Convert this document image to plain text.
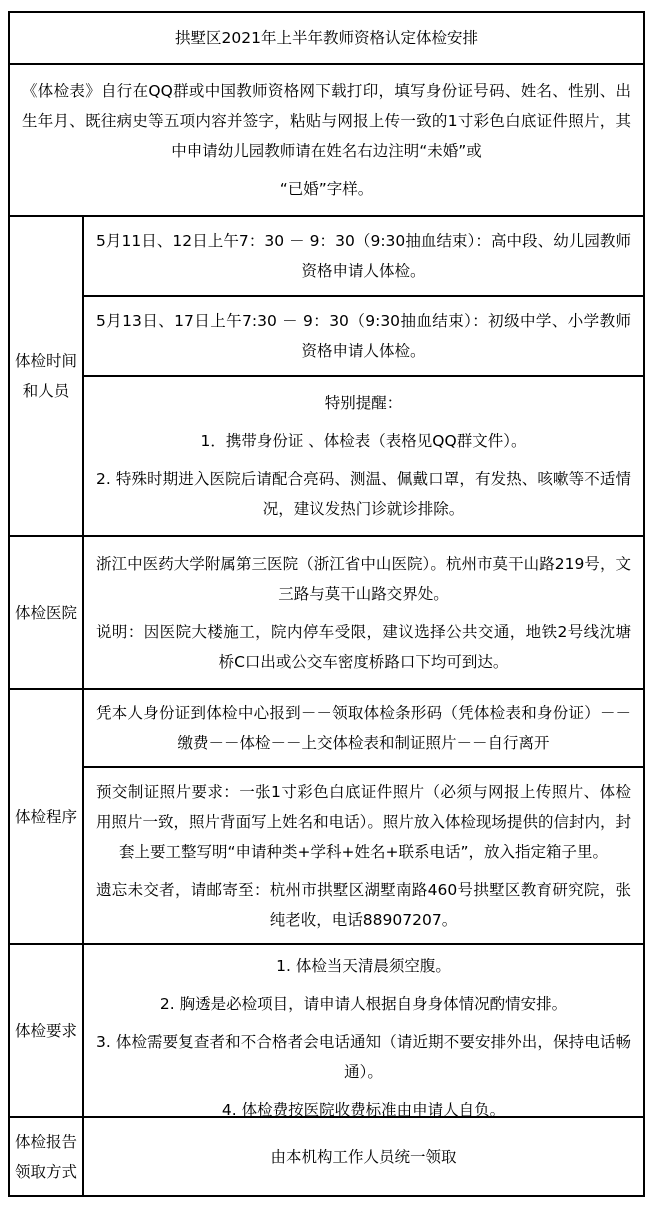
拱墅区2021年上半年教师资格认定体检安排

《体检表》自行在QQ群或中国教师资格网下载打印，填写身份证号码、姓名、性别、出生年月、既往病史等五项内容并签字，粘贴与网报上传一致的1寸彩色白底证件照片，其中申请幼儿园教师请在姓名右边注明“未婚”或

“已婚”字样。

体检时间
和人员

5月11日、12日上午7：30 － 9：30（9:30抽血结束）：高中段、幼儿园教师资格申请人体检。

5月13日、17日上午7:30 － 9：30（9:30抽血结束）：初级中学、小学教师资格申请人体检。

特别提醒：

1．携带身份证 、体检表（表格见QQ群文件）。

2. 特殊时期进入医院后请配合亮码、测温、佩戴口罩，有发热、咳嗽等不适情况，建议发热门诊就诊排除。

体检医院

浙江中医药大学附属第三医院（浙江省中山医院）。杭州市莫干山路219号，文三路与莫干山路交界处。

说明：因医院大楼施工，院内停车受限，建议选择公共交通，地铁2号线沈塘桥C口出或公交车密度桥路口下均可到达。

体检程序

凭本人身份证到体检中心报到－－领取体检条形码（凭体检表和身份证）－－缴费－－体检－－上交体检表和制证照片－－自行离开

预交制证照片要求：一张1寸彩色白底证件照片（必须与网报上传照片、体检用照片一致，照片背面写上姓名和电话）。照片放入体检现场提供的信封内，封套上要工整写明“申请种类+学科+姓名+联系电话”，放入指定箱子里。

遗忘未交者，请邮寄至：杭州市拱墅区湖墅南路460号拱墅区教育研究院，张纯老收，电话88907207。

体检要求

1. 体检当天清晨须空腹。

2. 胸透是必检项目，请申请人根据自身身体情况酌情安排。

3. 体检需要复查者和不合格者会电话通知（请近期不要安排外出，保持电话畅通）。

4. 体检费按医院收费标准由申请人自负。

体检报告
领取方式

由本机构工作人员统一领取
